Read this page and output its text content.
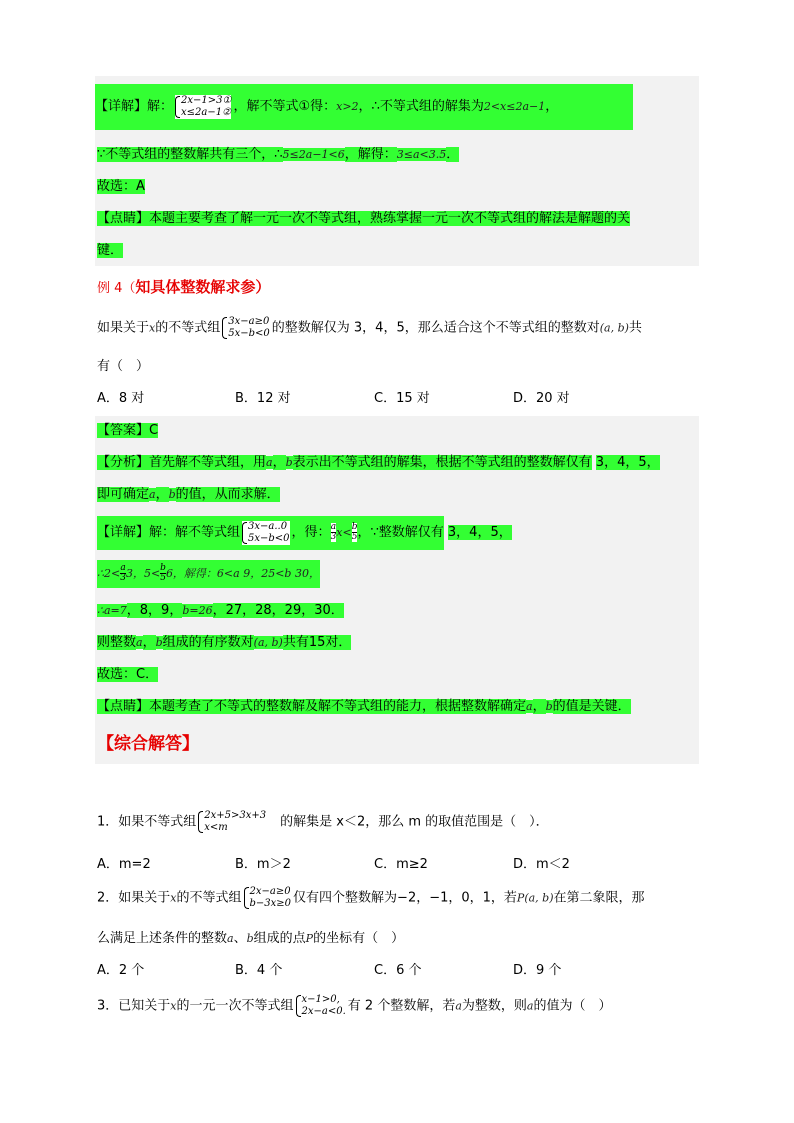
【详解】解： 2x−1>3①
x≤2a−1② ，解不等式①得：x>2，∴不等式组的解集为2<x≤2a−1，
∵不等式组的整数解共有三个，∴5≤2a−1<6，解得：3≤a<3.5．
故选：A
【点睛】本题主要考查了解一元一次不等式组，熟练掌握一元一次不等式组的解法是解题的关
键．
例 4（知具体整数解求参）
如果关于x的不等式组 3x−a≥0
5x−b<0 的整数解仅为 3，4，5，那么适合这个不等式组的整数对(a, b)共
有（　）
A．8 对	B．12 对	C．15 对	D．20 对
【答案】C
【分析】首先解不等式组，用a，b表示出不等式组的解集，根据不等式组的整数解仅有 3，4，5，
即可确定a，b的值，从而求解．
【详解】解：解不等式组 3x−a..0
5x−b<0 ，得： $\frac{a}{3} x< \frac{b}{5}$ ，∵整数解仅有 3，4，5，
∴2< $\frac{a}{3} 3$，$5< \frac{b}{5} 6$，解得：6<a 9，25<b 30，
∴a=7，8，9，b=26，27，28，29，30．
则整数a，b组成的有序数对(a, b)共有15对．
故选：C．
【点睛】本题考查了不等式的整数解及解不等式组的能力，根据整数解确定a，b的值是关键．
【综合解答】
1．如果不等式组 2x+5>3x+3
x<m	的解集是 x＜2，那么 m 的取值范围是（　）．
A．m=2	B．m＞2	C．m≥2	D．m＜2
2．如果关于x的不等式组 2x−a≥0
b−3x≥0 仅有四个整数解为−2，−1，0，1，若P(a, b)在第二象限，那
么满足上述条件的整数a、b组成的点P的坐标有（　）
A．2 个	B．4 个	C．6 个	D．9 个
3．已知关于x的一元一次不等式组 x−1>0,
2x−a<0. 有 2 个整数解，若a为整数，则a的值为（　）
